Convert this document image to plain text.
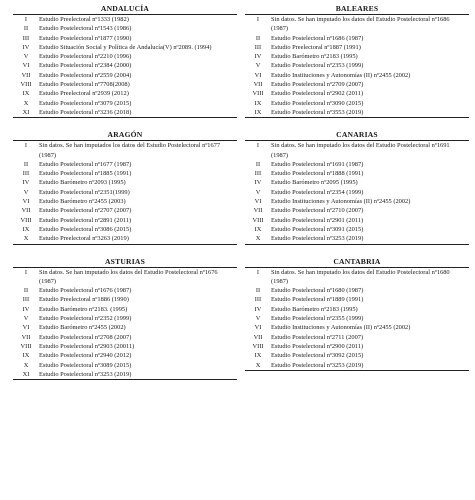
ANDALUCÍA
I	Estudio Preelectoral nº1333 (1982)
II	Estudio Postelectoral nº1543 (1986)
III	Estudio Postelectoral nº1877 (1990)
IV	Estudio Situación Social y Política de Andalucía(V) nº2089. (1994)
V	Estudio Postelectoral nº2210 (1996)
VI	Estudio Postelectoral nº2384 (2000)
VII	Estudio Postelectoral nº2559 (2004)
VIII	Estudio Postelectoral nº7708(2008)
IX	Estudio Preelectoral nº2939 (2012)
X	Estudio Postelectoral nº3079 (2015)
XI	Estudio Postelectoral nº3236 (2018)
ARAGÓN
I	Sin datos. Se han imputados los datos del Estudio Postelectoral nº1677 (1987)
II	Estudio Postelectoral nº1677 (1987)
III	Estudio Postelectoral nº1885 (1991)
IV	Estudio Barómetro nº2093 (1995)
V	Estudio Postelectoral nº2351(1999)
VI	Estudio Barómetro nº2455 (2003)
VII	Estudio Postelectoral nº2707 (2007)
VIII	Estudio Postelectoral nº2891 (2011)
IX	Estudio Postelectoral nº3086 (2015)
X	Estudio Preelectoral nº3263 (2019)
ASTURIAS
I	Sin datos. Se han imputado los datos del Estudio Postelectoral nº1676 (1987)
II	Estudio Postelectoral nº1676 (1987)
III	Estudio Preelectoral nº1886 (1990)
IV	Estudio Barómetro nº2183. (1995)
V	Estudio Postelectoral nº2352 (1999)
VI	Estudio Barómetro nº2455 (2002)
VII	Estudio Postelectoral nº2708 (2007)
VIII	Estudio Postelectoral nº2903 (20011)
IX	Estudio Postelectoral nº2940 (2012)
X	Estudio Postelectoral nº3089 (2015)
XI	Estudio Postelectoral nº3253 (2019)
BALEARES
I	Sin datos. Se han imputado los datos del Estudio Postelectoral nº1686 (1987)
II	Estudio Postelectoral nº1686 (1987)
III	Estudio Preelectoral nº1887 (1991)
IV	Estudio Barómetro nº2183 (1995)
V	Estudio Postelectoral nº2353 (1999)
VI	Estudio Instituciones y Autonomías (II) nº2455 (2002)
VII	Estudio Postelectoral nº2709 (2007)
VIII	Estudio Postelectoral nº2902 (2011)
IX	Estudio Postelectoral nº3090 (2015)
IX	Estudio Postelectoral nº3553 (2019)
CANARIAS
I	Sin datos. Se han imputado los datos del Estudio Postelectoral nº1691 (1987)
II	Estudio Postelectoral nº1691 (1987)
III	Estudio Postelectoral nº1888 (1991)
IV	Estudio Barómetro nº2095 (1995)
V	Estudio Postelectoral nº2354 (1999)
VI	Estudio Instituciones y Autonomías (II) nº2455 (2002)
VII	Estudio Postelectoral nº2710 (2007)
VIII	Estudio Postelectoral nº2901 (2011)
IX	Estudio Postelectoral nº3091 (2015)
X	Estudio Postelectoral nº3253 (2019)
CANTABRIA
I	Sin datos. Se han imputado los datos del Estudio Postelectoral nº1680 (1987)
II	Estudio Postelectoral nº1680 (1987)
III	Estudio Postelectoral nº1889 (1991)
IV	Estudio Barómetro nº2183 (1995)
V	Estudio Postelectoral nº2355 (1999)
VI	Estudio Instituciones y Autonomías (II) nº2455 (2002)
VII	Estudio Postelectoral nº2711 (2007)
VIII	Estudio Postelectoral nº2900 (2011)
IX	Estudio Postelectoral nº3092 (2015)
X	Estudio Postelectoral nº3253 (2019)
